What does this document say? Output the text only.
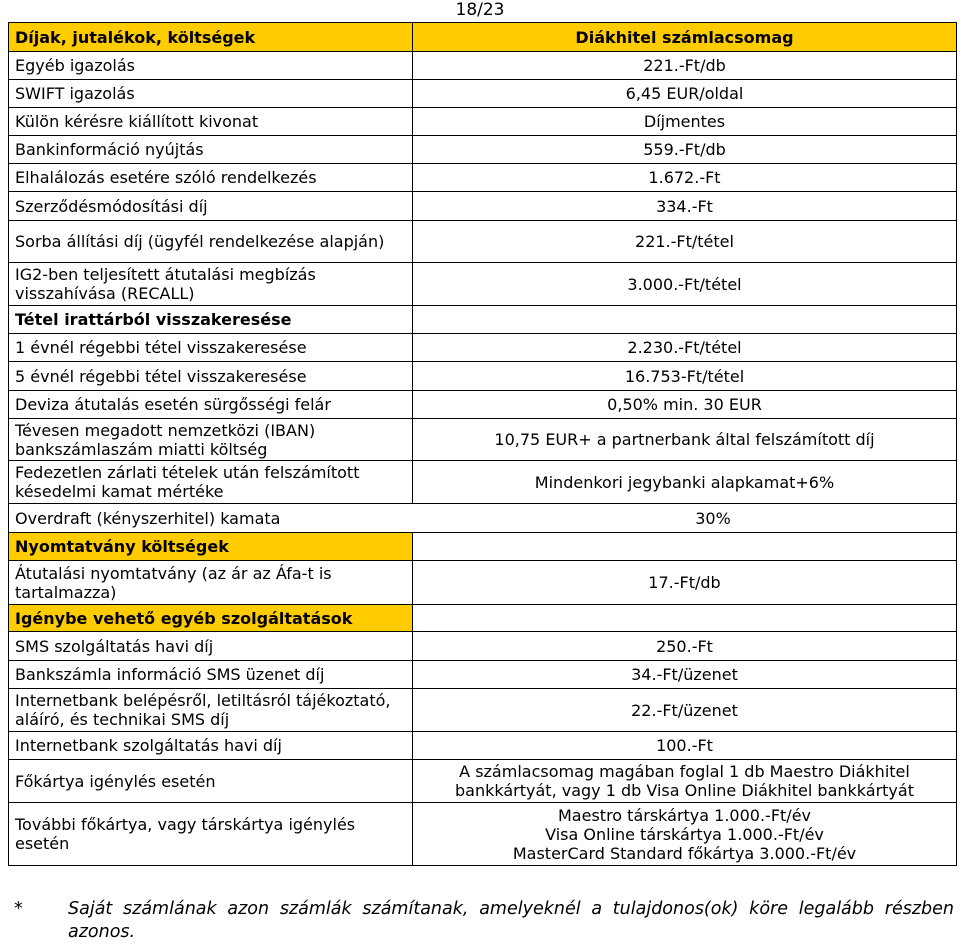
18/23
Díjak, jutalékok, költségek	Diákhitel számlacsomag
Egyéb igazolás	221.-Ft/db
SWIFT igazolás	6,45 EUR/oldal
Külön kérésre kiállított kivonat	Díjmentes
Bankinformáció nyújtás	559.-Ft/db
Elhalálozás esetére szóló rendelkezés	1.672.-Ft
Szerződésmódosítási díj	334.-Ft
Sorba állítási díj (ügyfél rendelkezése alapján)	221.-Ft/tétel
IG2-ben teljesített átutalási megbízás visszahívása (RECALL)	3.000.-Ft/tétel
Tétel irattárból visszakeresése	
1 évnél régebbi tétel visszakeresése	2.230.-Ft/tétel
5 évnél régebbi tétel visszakeresése	16.753-Ft/tétel
Deviza átutalás esetén sürgősségi felár	0,50% min. 30 EUR
Tévesen megadott nemzetközi (IBAN) bankszámlaszám miatti költség	10,75 EUR+ a partnerbank által felszámított díj
Fedezetlen zárlati tételek után felszámított késedelmi kamat mértéke	Mindenkori jegybanki alapkamat+6%

Overdraft (kényszerhitel) kamata 30%	

Nyomtatvány költségek	
Átutalási nyomtatvány (az ár az Áfa-t is tartalmazza)	17.-Ft/db
Igénybe vehető egyéb szolgáltatások	
SMS szolgáltatás havi díj	250.-Ft
Bankszámla információ SMS üzenet díj	34.-Ft/üzenet
Internetbank belépésről, letiltásról tájékoztató, aláíró, és technikai SMS díj	22.-Ft/üzenet
Internetbank szolgáltatás havi díj	100.-Ft
Főkártya igénylés esetén	A számlacsomag magában foglal 1 db Maestro Diákhitel
bankkártyát, vagy 1 db Visa Online Diákhitel bankkártyát

További főkártya, vagy társkártya igénylés esetén	Maestro társkártya 1.000.-Ft/év
Visa Online társkártya 1.000.-Ft/év
MasterCard Standard főkártya 3.000.-Ft/év
*	Saját számlának azon számlák számítanak, amelyeknél a tulajdonos(ok) köre legalább részben azonos.
